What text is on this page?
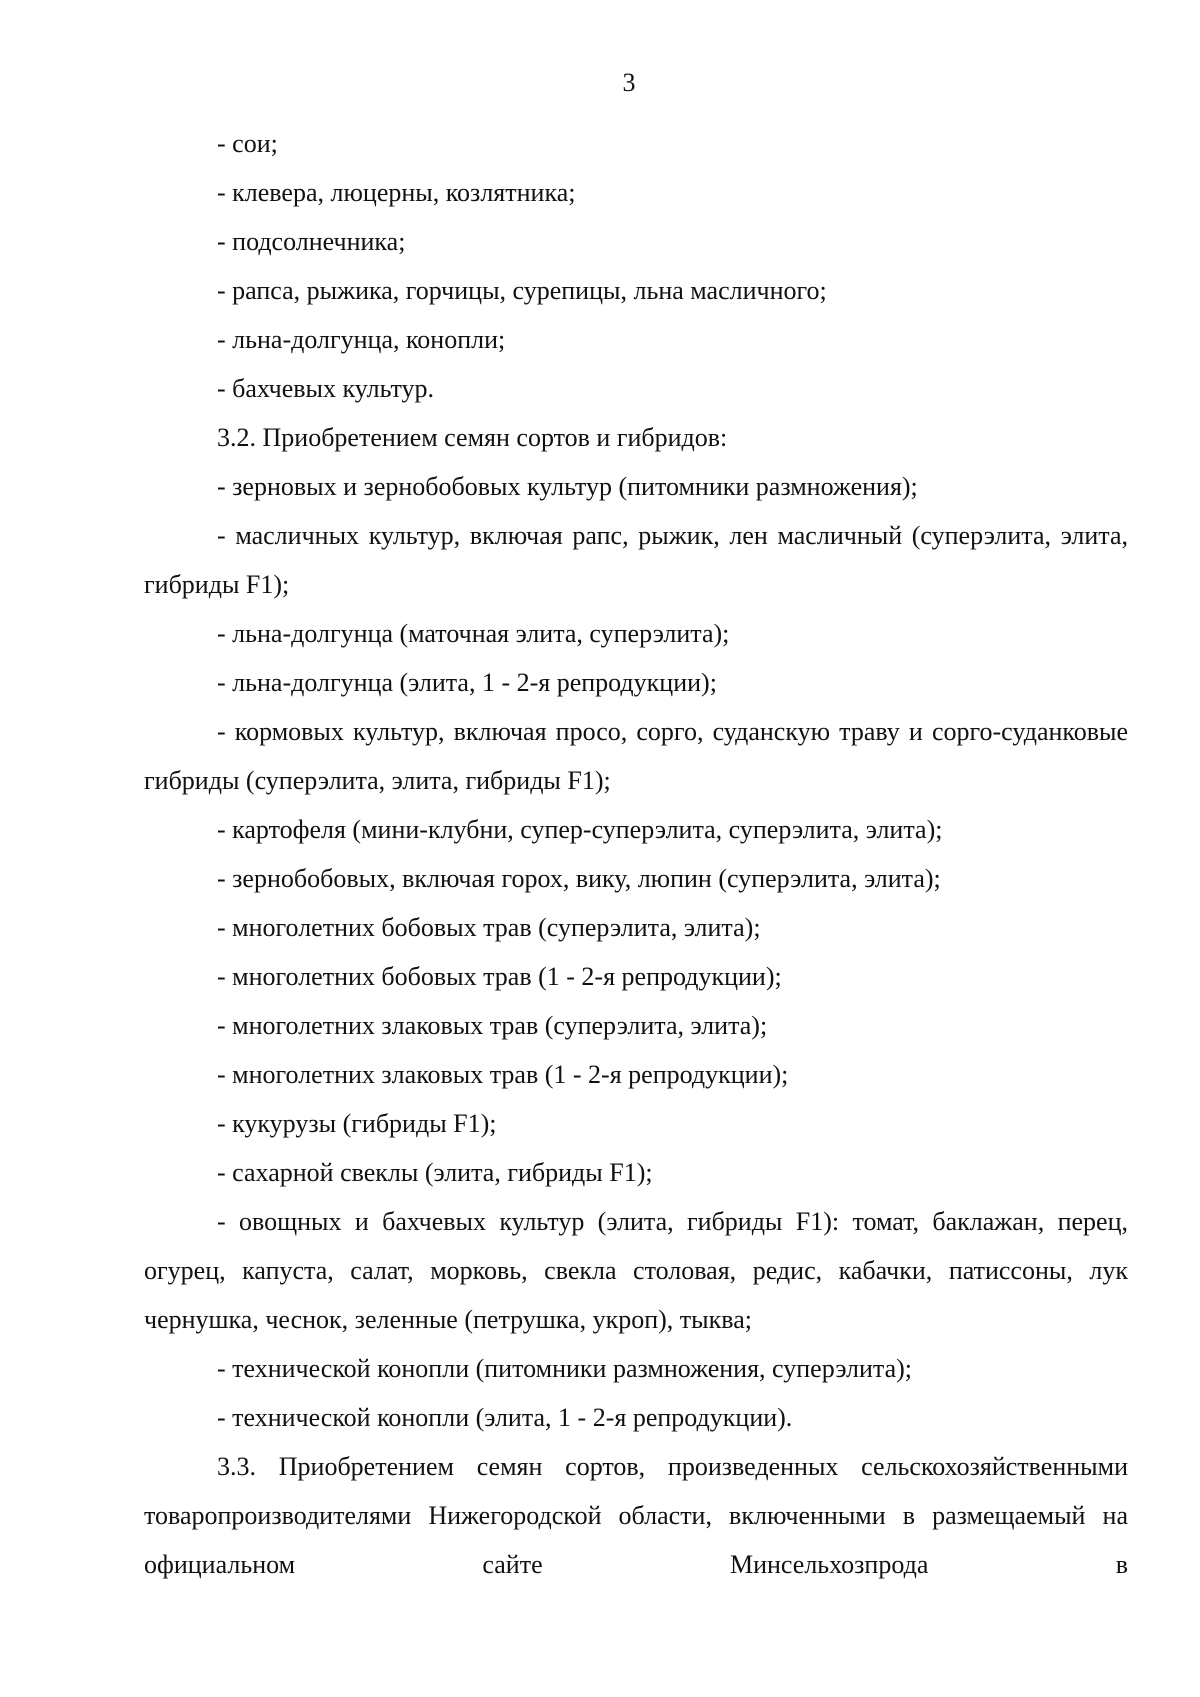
3

- сои;

- клевера, люцерны, козлятника;

- подсолнечника;

- рапса, рыжика, горчицы, сурепицы, льна масличного;

- льна-долгунца, конопли;

- бахчевых культур.

3.2. Приобретением семян сортов и гибридов:

- зерновых и зернобобовых культур (питомники размножения);

- масличных культур, включая рапс, рыжик, лен масличный (суперэлита, элита, гибриды F1);

- льна-долгунца (маточная элита, суперэлита);

- льна-долгунца (элита, 1 - 2-я репродукции);

- кормовых культур, включая просо, сорго, суданскую траву и сорго-суданковые гибриды (суперэлита, элита, гибриды F1);

- картофеля (мини-клубни, супер-суперэлита, суперэлита, элита);

- зернобобовых, включая горох, вику, люпин (суперэлита, элита);

- многолетних бобовых трав (суперэлита, элита);

- многолетних бобовых трав (1 - 2-я репродукции);

- многолетних злаковых трав (суперэлита, элита);

- многолетних злаковых трав (1 - 2-я репродукции);

- кукурузы (гибриды F1);

- сахарной свеклы (элита, гибриды F1);

- овощных и бахчевых культур (элита, гибриды F1): томат, баклажан, перец, огурец, капуста, салат, морковь, свекла столовая, редис, кабачки, патиссоны, лук чернушка, чеснок, зеленные (петрушка, укроп), тыква;

- технической конопли (питомники размножения, суперэлита);

- технической конопли (элита, 1 - 2-я репродукции).

3.3. Приобретением семян сортов, произведенных сельскохозяйственными товаропроизводителями Нижегородской области, включенными в размещаемый на официальном сайте Минсельхозпрода в
